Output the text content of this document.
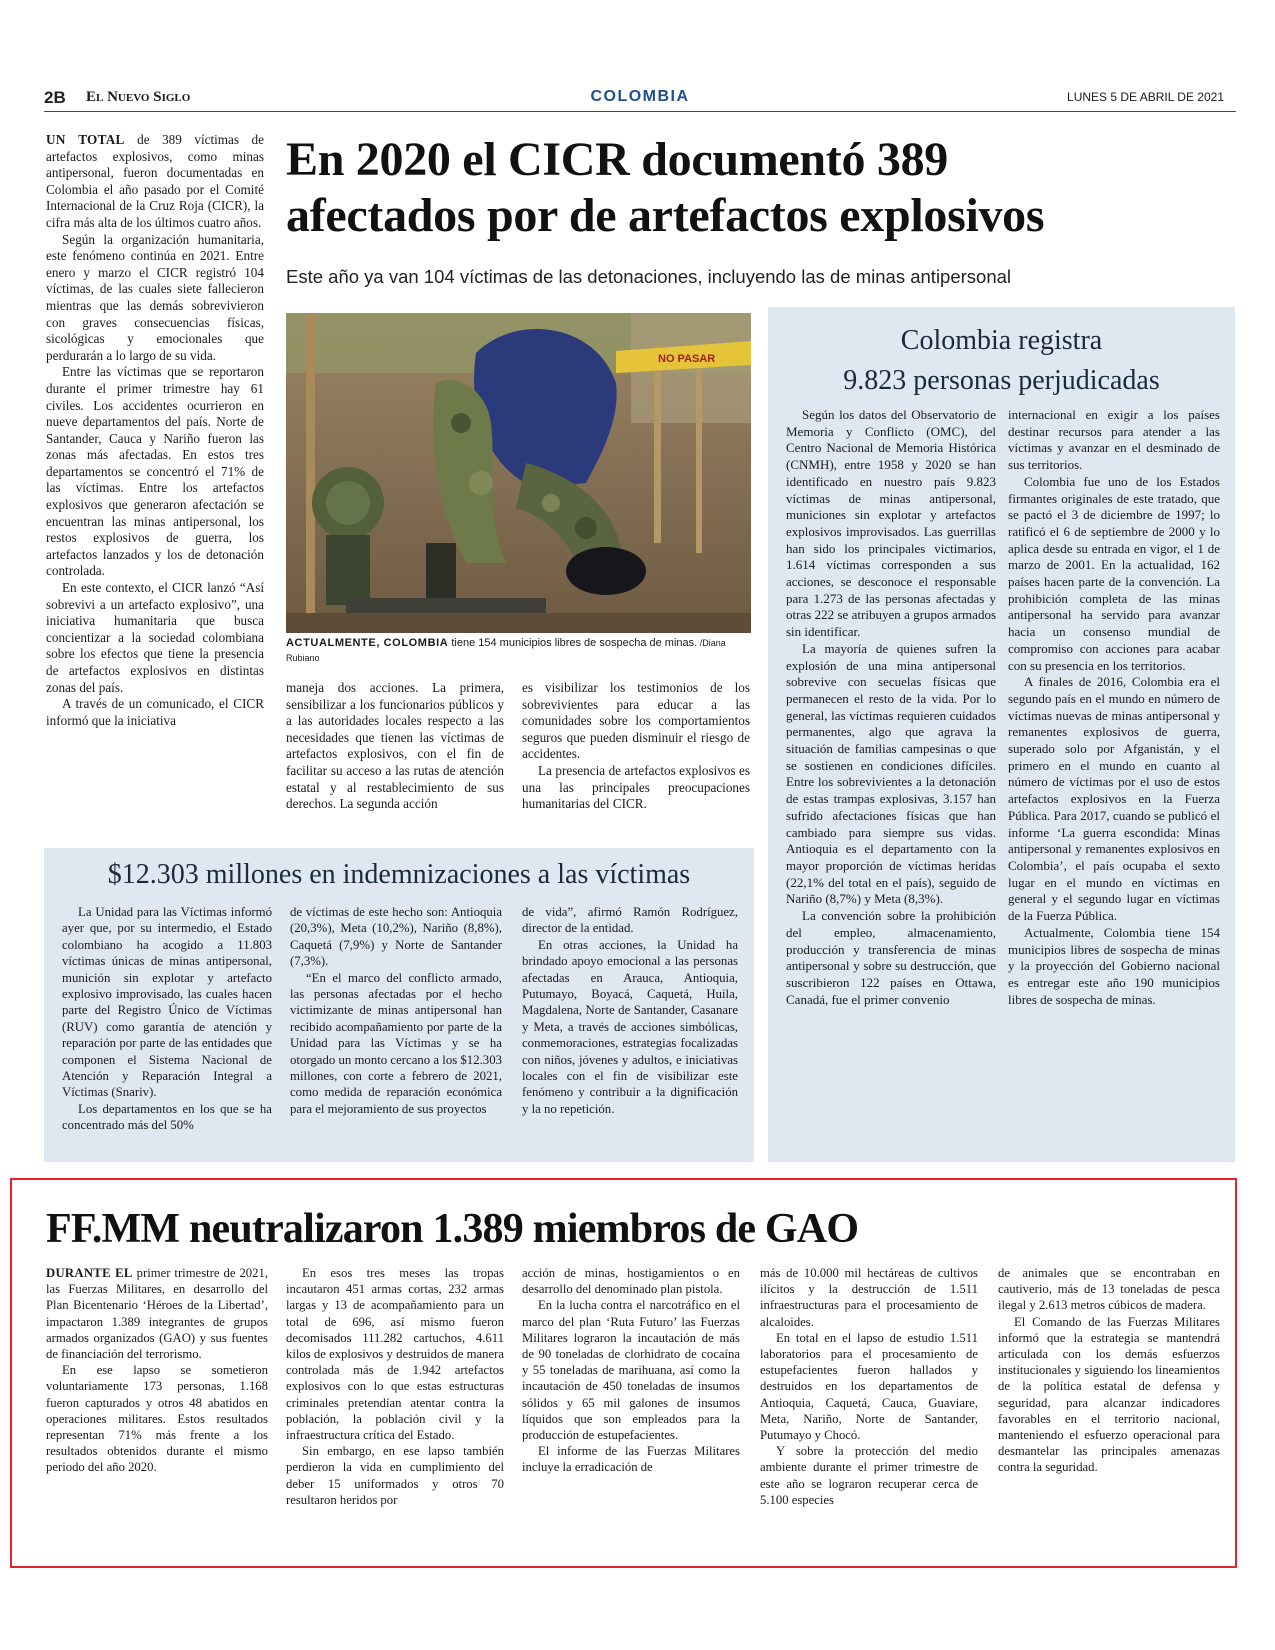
2B El Nuevo Siglo	COLOMBIA	LUNES 5 DE ABRIL DE 2021

UN TOTAL de 389 víctimas de artefactos explosivos, como minas antipersonal, fueron documentadas en Colombia el año pasado por el Comité Internacional de la Cruz Roja (CICR), la cifra más alta de los últimos cuatro años.

Según la organización humanitaria, este fenómeno continúa en 2021. Entre enero y marzo el CICR registró 104 víctimas, de las cuales siete fallecieron mientras que las demás sobrevivieron con graves consecuencias físicas, sicológicas y emocionales que perdurarán a lo largo de su vida.

Entre las víctimas que se reportaron durante el primer trimestre hay 61 civiles. Los accidentes ocurrieron en nueve departamentos del país. Norte de Santander, Cauca y Nariño fueron las zonas más afectadas. En estos tres departamentos se concentró el 71% de las víctimas. Entre los artefactos explosivos que generaron afectación se encuentran las minas antipersonal, los restos explosivos de guerra, los artefactos lanzados y los de detonación controlada.

En este contexto, el CICR lanzó “Así sobrevivi a un artefacto explosivo”, una iniciativa humanitaria que busca concientizar a la sociedad colombiana sobre los efectos que tiene la presencia de artefactos explosivos en distintas zonas del país.

A través de un comunicado, el CICR informó que la iniciativa

En 2020 el CICR documentó 389
afectados por de artefactos explosivos
Este año ya van 104 víctimas de las detonaciones, incluyendo las de minas antipersonal
NO PASAR
ACTUALMENTE, COLOMBIA tiene 154 municipios libres de sospecha de minas. /Diana Rubiano

maneja dos acciones. La primera, sensibilizar a los funcionarios públicos y a las autoridades locales respecto a las necesidades que tienen las víctimas de artefactos explosivos, con el fin de facilitar su acceso a las rutas de atención estatal y al restablecimiento de sus derechos. La segunda acción

es visibilizar los testimonios de los sobrevivientes para educar a las comunidades sobre los comportamientos seguros que pueden disminuir el riesgo de accidentes.

La presencia de artefactos explosivos es una las principales preocupaciones humanitarias del CICR.

Colombia registra
9.823 personas perjudicadas

Según los datos del Observatorio de Memoria y Conflicto (OMC), del Centro Nacional de Memoria Histórica (CNMH), entre 1958 y 2020 se han identificado en nuestro país 9.823 víctimas de minas antipersonal, municiones sin explotar y artefactos explosivos improvisados. Las guerrillas han sido los principales victimarios, 1.614 víctimas corresponden a sus acciones, se desconoce el responsable para 1.273 de las personas afectadas y otras 222 se atribuyen a grupos armados sin identificar.

La mayoría de quienes sufren la explosión de una mina antipersonal sobrevive con secuelas físicas que permanecen el resto de la vida. Por lo general, las víctimas requieren cuidados permanentes, algo que agrava la situación de familias campesinas o que se sostienen en condiciones difíciles. Entre los sobrevivientes a la detonación de estas trampas explosivas, 3.157 han sufrido afectaciones físicas que han cambiado para siempre sus vidas. Antioquia es el departamento con la mayor proporción de víctimas heridas (22,1% del total en el país), seguido de Nariño (8,7%) y Meta (8,3%).

La convención sobre la prohibición del empleo, almacenamiento, producción y transferencia de minas antipersonal y sobre su destrucción, que suscribieron 122 países en Ottawa, Canadá, fue el primer convenio

internacional en exigir a los países destinar recursos para atender a las víctimas y avanzar en el desminado de sus territorios.

Colombia fue uno de los Estados firmantes originales de este tratado, que se pactó el 3 de diciembre de 1997; lo ratificó el 6 de septiembre de 2000 y lo aplica desde su entrada en vigor, el 1 de marzo de 2001. En la actualidad, 162 países hacen parte de la convención. La prohibición completa de las minas antipersonal ha servido para avanzar hacia un consenso mundial de compromiso con acciones para acabar con su presencia en los territorios.

A finales de 2016, Colombia era el segundo país en el mundo en número de víctimas nuevas de minas antipersonal y remanentes explosivos de guerra, superado solo por Afganistán, y el primero en el mundo en cuanto al número de víctimas por el uso de estos artefactos explosivos en la Fuerza Pública. Para 2017, cuando se publicó el informe ‘La guerra escondida: Minas antipersonal y remanentes explosivos en Colombia’, el país ocupaba el sexto lugar en el mundo en víctimas en general y el segundo lugar en víctimas de la Fuerza Pública.

Actualmente, Colombia tiene 154 municipios libres de sospecha de minas y la proyección del Gobierno nacional es entregar este año 190 municipios libres de sospecha de minas.

$12.303 millones en indemnizaciones a las víctimas

La Unidad para las Víctimas informó ayer que, por su intermedio, el Estado colombiano ha acogido a 11.803 víctimas únicas de minas antipersonal, munición sin explotar y artefacto explosivo improvisado, las cuales hacen parte del Registro Único de Víctimas (RUV) como garantía de atención y reparación por parte de las entidades que componen el Sistema Nacional de Atención y Reparación Integral a Víctimas (Snariv).

Los departamentos en los que se ha concentrado más del 50%

de víctimas de este hecho son: Antioquia (20,3%), Meta (10,2%), Nariño (8,8%), Caquetá (7,9%) y Norte de Santander (7,3%).

“En el marco del conflicto armado, las personas afectadas por el hecho victimizante de minas antipersonal han recibido acompañamiento por parte de la Unidad para las Víctimas y se ha otorgado un monto cercano a los $12.303 millones, con corte a febrero de 2021, como medida de reparación económica para el mejoramiento de sus proyectos

de vida”, afirmó Ramón Rodríguez, director de la entidad.

En otras acciones, la Unidad ha brindado apoyo emocional a las personas afectadas en Arauca, Antioquia, Putumayo, Boyacá, Caquetá, Huila, Magdalena, Norte de Santander, Casanare y Meta, a través de acciones simbólicas, conmemoraciones, estrategias focalizadas con niños, jóvenes y adultos, e iniciativas locales con el fin de visibilizar este fenómeno y contribuir a la dignificación y la no repetición.

FF.MM neutralizaron 1.389 miembros de GAO

DURANTE EL primer trimestre de 2021, las Fuerzas Militares, en desarrollo del Plan Bicentenario ‘Héroes de la Libertad’, impactaron 1.389 integrantes de grupos armados organizados (GAO) y sus fuentes de financiación del terrorismo.

En ese lapso se sometieron voluntariamente 173 personas, 1.168 fueron capturados y otros 48 abatidos en operaciones militares. Estos resultados representan 71% más frente a los resultados obtenidos durante el mismo periodo del año 2020.

En esos tres meses las tropas incautaron 451 armas cortas, 232 armas largas y 13 de acompañamiento para un total de 696, así mismo fueron decomisados 111.282 cartuchos, 4.611 kilos de explosivos y destruidos de manera controlada más de 1.942 artefactos explosivos con lo que estas estructuras criminales pretendían atentar contra la población, la población civil y la infraestructura crítica del Estado.

Sin embargo, en ese lapso también perdieron la vida en cumplimiento del deber 15 uniformados y otros 70 resultaron heridos por

acción de minas, hostigamientos o en desarrollo del denominado plan pistola.

En la lucha contra el narcotráfico en el marco del plan ‘Ruta Futuro’ las Fuerzas Militares lograron la incautación de más de 90 toneladas de clorhidrato de cocaína y 55 toneladas de marihuana, así como la incautación de 450 toneladas de insumos sólidos y 65 mil galones de insumos líquidos que son empleados para la producción de estupefacientes.

El informe de las Fuerzas Militares incluye la erradicación de

más de 10.000 mil hectáreas de cultivos ilícitos y la destrucción de 1.511 infraestructuras para el procesamiento de alcaloides.

En total en el lapso de estudio 1.511 laboratorios para el procesamiento de estupefacientes fueron hallados y destruidos en los departamentos de Antioquia, Caquetá, Cauca, Guaviare, Meta, Nariño, Norte de Santander, Putumayo y Chocó.

Y sobre la protección del medio ambiente durante el primer trimestre de este año se lograron recuperar cerca de 5.100 especies

de animales que se encontraban en cautiverio, más de 13 toneladas de pesca ilegal y 2.613 metros cúbicos de madera.

El Comando de las Fuerzas Militares informó que la estrategia se mantendrá articulada con los demás esfuerzos institucionales y siguiendo los lineamientos de la política estatal de defensa y seguridad, para alcanzar indicadores favorables en el territorio nacional, manteniendo el esfuerzo operacional para desmantelar las principales amenazas contra la seguridad.
